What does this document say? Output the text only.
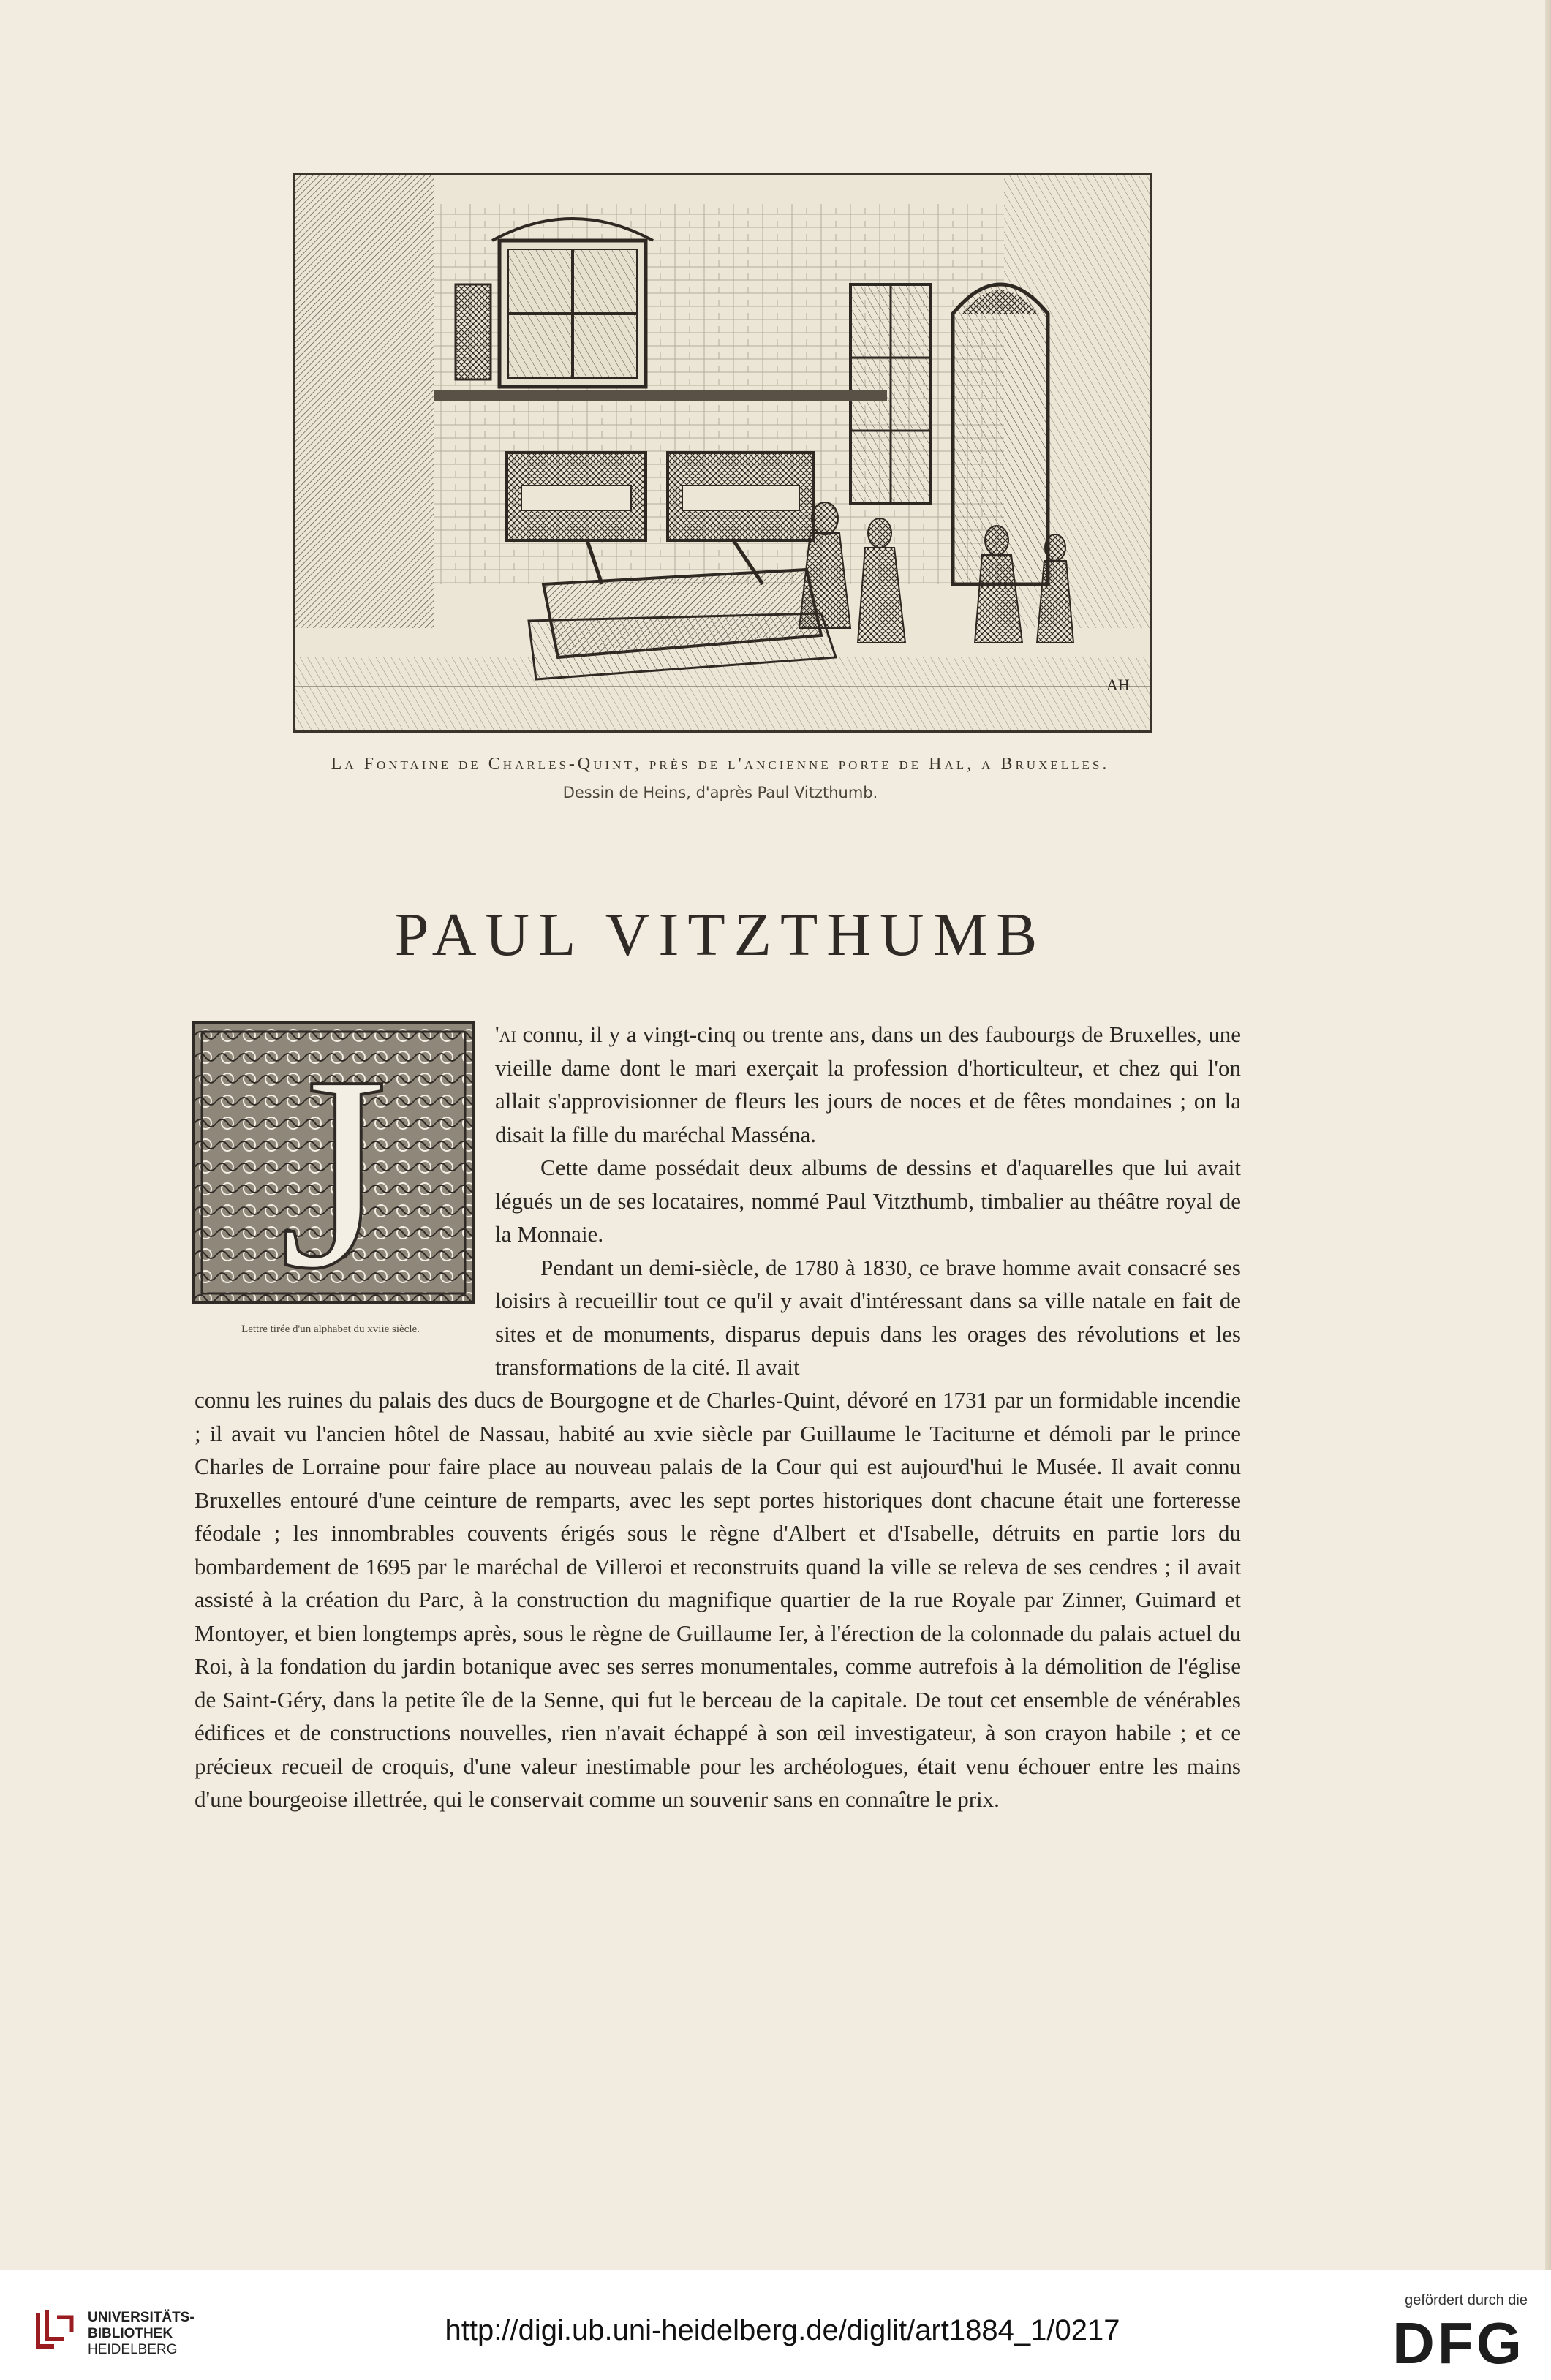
AH
La Fontaine de Charles-Quint, près de l'ancienne porte de Hal, a Bruxelles.
Dessin de Heins, d'après Paul Vitzthumb.
PAUL VITZTHUMB
J
Lettre tirée d'un alphabet du xviie siècle.

'ai connu, il y a vingt-cinq ou trente ans, dans un des faubourgs de Bruxelles, une vieille dame dont le mari exerçait la profession d'horticulteur, et chez qui l'on allait s'approvisionner de fleurs les jours de noces et de fêtes mondaines ; on la disait la fille du maréchal Masséna.

Cette dame possédait deux albums de dessins et d'aquarelles que lui avait légués un de ses locataires, nommé Paul Vitzthumb, timbalier au théâtre royal de la Monnaie.

Pendant un demi-siècle, de 1780 à 1830, ce brave homme avait consacré ses loisirs à recueillir tout ce qu'il y avait d'intéressant dans sa ville natale en fait de sites et de monuments, disparus depuis dans les orages des révolutions et les transformations de la cité. Il avait

connu les ruines du palais des ducs de Bourgogne et de Charles-Quint, dévoré en 1731 par un formidable incendie ; il avait vu l'ancien hôtel de Nassau, habité au xvie siècle par Guillaume le Taciturne et démoli par le prince Charles de Lorraine pour faire place au nouveau palais de la Cour qui est aujourd'hui le Musée. Il avait connu Bruxelles entouré d'une ceinture de remparts, avec les sept portes historiques dont chacune était une forteresse féodale ; les innombrables couvents érigés sous le règne d'Albert et d'Isabelle, détruits en partie lors du bombardement de 1695 par le maréchal de Villeroi et reconstruits quand la ville se releva de ses cendres ; il avait assisté à la création du Parc, à la construction du magnifique quartier de la rue Royale par Zinner, Guimard et Montoyer, et bien longtemps après, sous le règne de Guillaume Ier, à l'érection de la colonnade du palais actuel du Roi, à la fondation du jardin botanique avec ses serres monumentales, comme autrefois à la démolition de l'église de Saint-Géry, dans la petite île de la Senne, qui fut le berceau de la capitale. De tout cet ensemble de vénérables édifices et de constructions nouvelles, rien n'avait échappé à son œil investigateur, à son crayon habile ; et ce précieux recueil de croquis, d'une valeur inestimable pour les archéologues, était venu échouer entre les mains d'une bourgeoise illettrée, qui le conservait comme un souvenir sans en connaître le prix.

UNIVERSITÄTS-
BIBLIOTHEK
HEIDELBERG
http://digi.ub.uni-heidelberg.de/diglit/art1884_1/0217
gefördert durch die
DFG
